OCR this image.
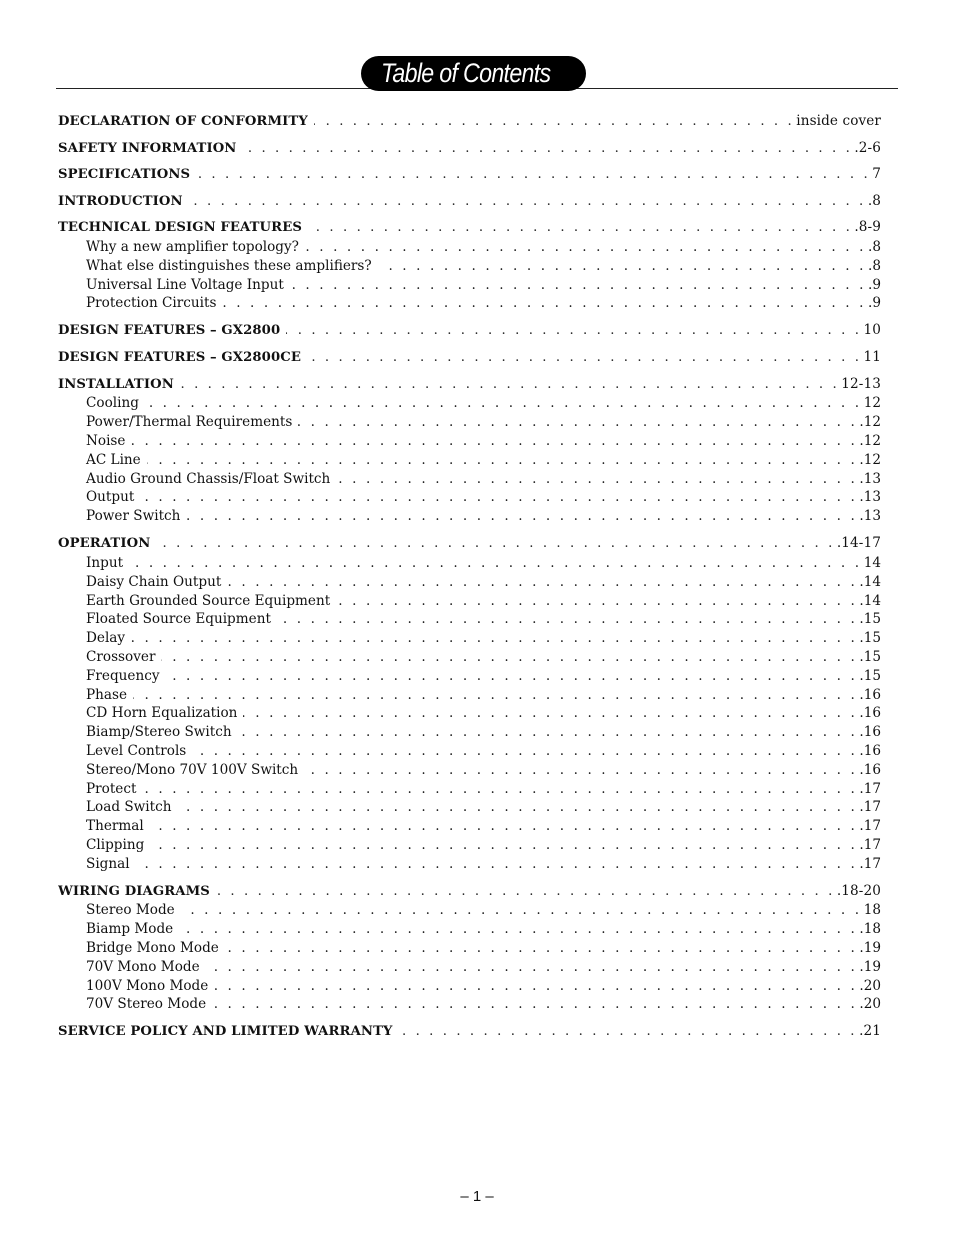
Table of Contents
DECLARATION OF CONFORMITY . . .	inside cover
SAFETY INFORMATION . . .	.2-6
SPECIFICATIONS . . .	7
INTRODUCTION . . .	.8
TECHNICAL DESIGN FEATURES . . .	.8-9
Why a new amplifier topology? . . .	.8
What else distinguishes these amplifiers? . . .	.8
Universal Line Voltage Input . . .	.9
Protection Circuits . . .	.9
DESIGN FEATURES – GX2800 . . .	10
DESIGN FEATURES – GX2800CE . . .	11
INSTALLATION . . .	12-13
Cooling . . .	12
Power/Thermal Requirements . . .	.12
Noise . . .	.12
AC Line . . .	.12
Audio Ground Chassis/Float Switch . . .	.13
Output . . .	.13
Power Switch . . .	.13
OPERATION . . .	.14-17
Input . . .	14
Daisy Chain Output . . .	.14
Earth Grounded Source Equipment . . .	.14
Floated Source Equipment . . .	.15
Delay . . .	.15
Crossover . . .	.15
Frequency . . .	.15
Phase . . .	.16
CD Horn Equalization . . .	.16
Biamp/Stereo Switch . . .	.16
Level Controls . . .	.16
Stereo/Mono 70V 100V Switch . . .	.16
Protect . . .	.17
Load Switch . . .	.17
Thermal . . .	.17
Clipping . . .	.17
Signal . . .	.17
WIRING DIAGRAMS . . .	.18-20
Stereo Mode . . .	18
Biamp Mode . . .	.18
Bridge Mono Mode . . .	.19
70V Mono Mode . . .	.19
100V Mono Mode . . .	.20
70V Stereo Mode . . .	.20
SERVICE POLICY AND LIMITED WARRANTY . . .	.21
– 1 –
